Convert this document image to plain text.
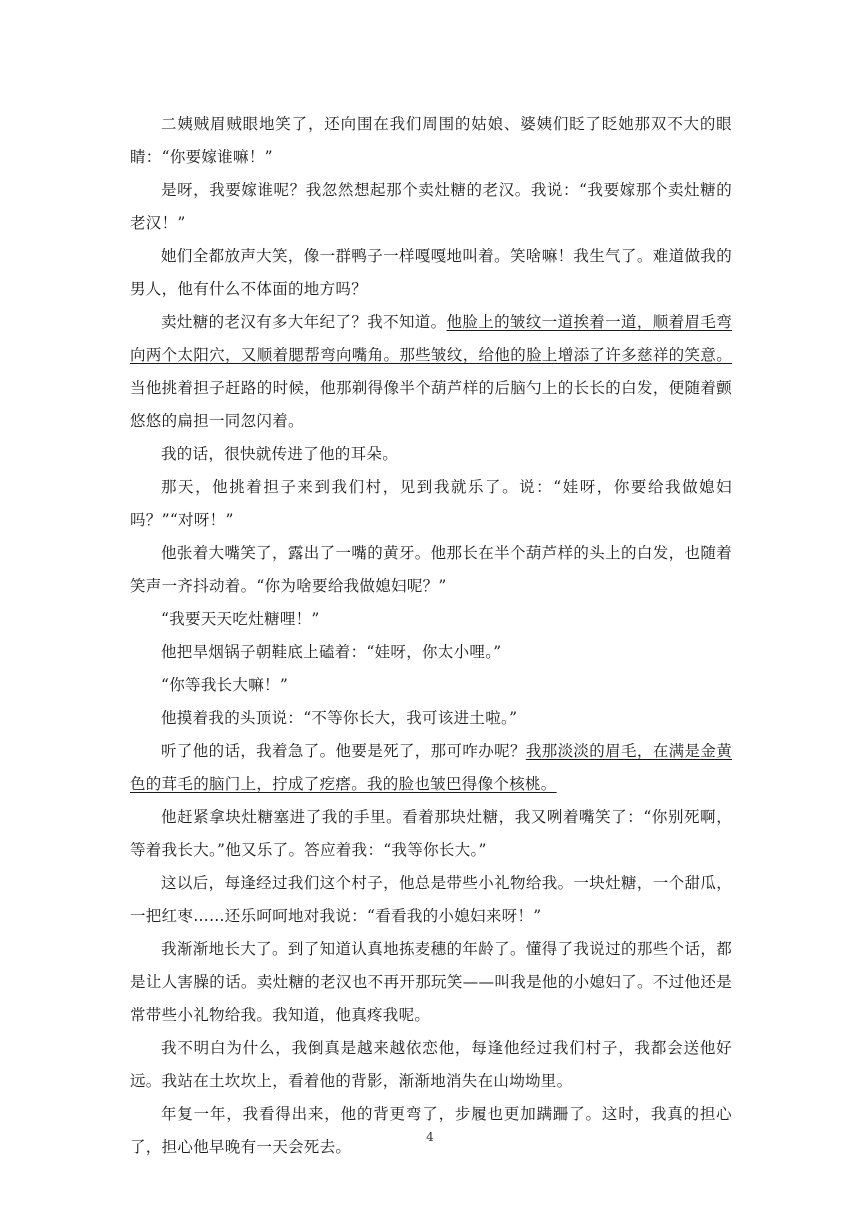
二姨贼眉贼眼地笑了，还向围在我们周围的姑娘、婆姨们眨了眨她那双不大的眼睛：“你要嫁谁嘛！”

是呀，我要嫁谁呢？我忽然想起那个卖灶糖的老汉。我说：“我要嫁那个卖灶糖的老汉！”

她们全都放声大笑，像一群鸭子一样嘎嘎地叫着。笑啥嘛！我生气了。难道做我的男人，他有什么不体面的地方吗？

卖灶糖的老汉有多大年纪了？我不知道。他脸上的皱纹一道挨着一道，顺着眉毛弯向两个太阳穴，又顺着腮帮弯向嘴角。那些皱纹，给他的脸上增添了许多慈祥的笑意。当他挑着担子赶路的时候，他那剃得像半个葫芦样的后脑勺上的长长的白发，便随着颤悠悠的扁担一同忽闪着。

我的话，很快就传进了他的耳朵。

那天，他挑着担子来到我们村，见到我就乐了。说：“娃呀，你要给我做媳妇吗？”“对呀！”

他张着大嘴笑了，露出了一嘴的黄牙。他那长在半个葫芦样的头上的白发，也随着笑声一齐抖动着。“你为啥要给我做媳妇呢？”

“我要天天吃灶糖哩！”

他把旱烟锅子朝鞋底上磕着：“娃呀，你太小哩。”

“你等我长大嘛！”

他摸着我的头顶说：“不等你长大，我可该进土啦。”

听了他的话，我着急了。他要是死了，那可咋办呢？我那淡淡的眉毛，在满是金黄色的茸毛的脑门上，拧成了疙瘩。我的脸也皱巴得像个核桃。

他赶紧拿块灶糖塞进了我的手里。看着那块灶糖，我又咧着嘴笑了：“你别死啊，等着我长大。”他又乐了。答应着我：“我等你长大。”

这以后，每逢经过我们这个村子，他总是带些小礼物给我。一块灶糖，一个甜瓜，一把红枣……还乐呵呵地对我说：“看看我的小媳妇来呀！”

我渐渐地长大了。到了知道认真地拣麦穗的年龄了。懂得了我说过的那些个话，都是让人害臊的话。卖灶糖的老汉也不再开那玩笑——叫我是他的小媳妇了。不过他还是常带些小礼物给我。我知道，他真疼我呢。

我不明白为什么，我倒真是越来越依恋他，每逢他经过我们村子，我都会送他好远。我站在土坎坎上，看着他的背影，渐渐地消失在山坳坳里。

年复一年，我看得出来，他的背更弯了，步履也更加蹒跚了。这时，我真的担心了，担心他早晚有一天会死去。

4
